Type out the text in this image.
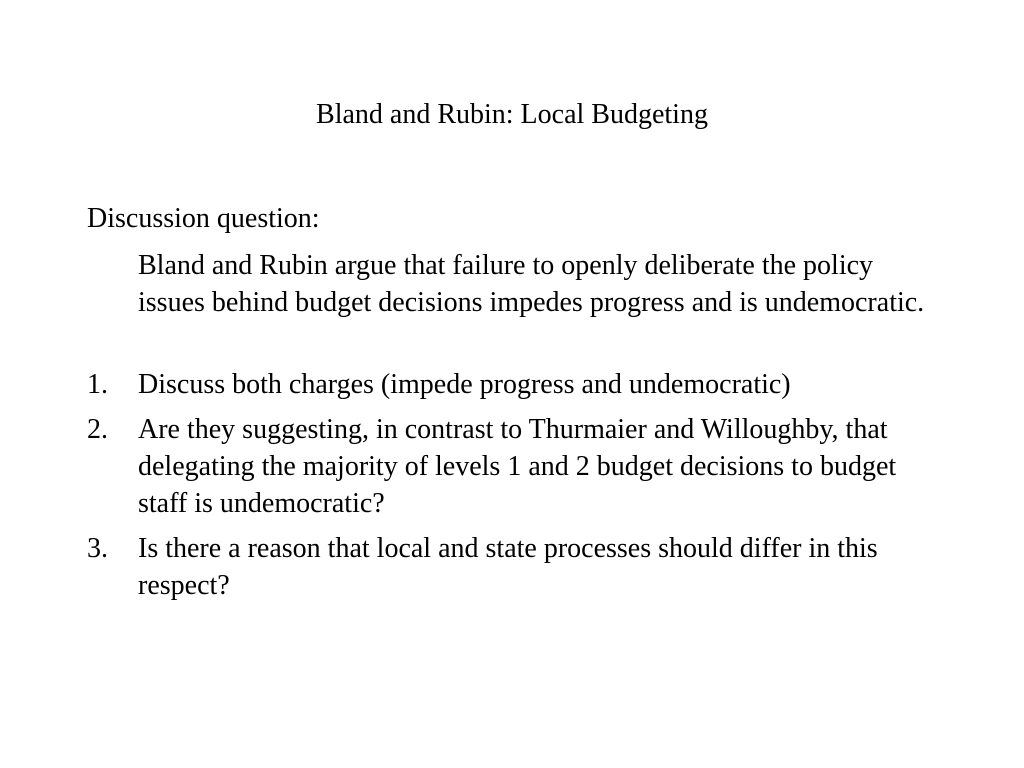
Bland and Rubin: Local Budgeting

Discussion question:

Bland and Rubin argue that failure to openly deliberate the policy issues behind budget decisions impedes progress and is undemocratic.

1. Discuss both charges (impede progress and undemocratic)
2. Are they suggesting, in contrast to Thurmaier and Willoughby, that delegating the majority of levels 1 and 2 budget decisions to budget staff is undemocratic?
3. Is there a reason that local and state processes should differ in this respect?
